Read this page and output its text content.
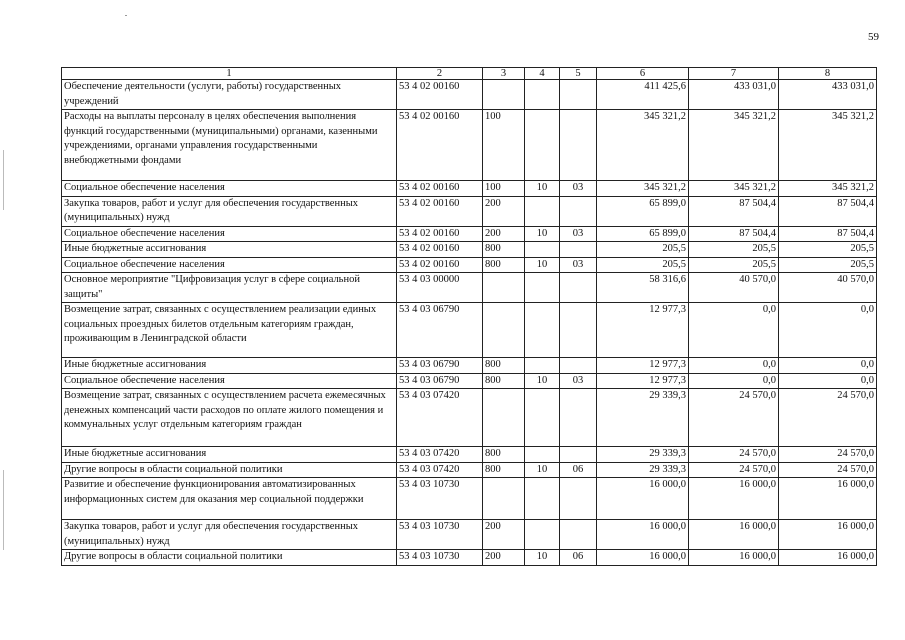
59
1	2	3	4	5	6	7	8
Обеспечение деятельности (услуги, работы) государственных учреждений	53 4 02 00160				411 425,6	433 031,0	433 031,0
Расходы на выплаты персоналу в целях обеспечения выполнения функций государственными (муниципальными) органами, казенными учреждениями, органами управления государственными внебюджетными фондами	53 4 02 00160	100			345 321,2	345 321,2	345 321,2
Социальное обеспечение населения	53 4 02 00160	100	10	03	345 321,2	345 321,2	345 321,2
Закупка товаров, работ и услуг для обеспечения государственных (муниципальных) нужд	53 4 02 00160	200			65 899,0	87 504,4	87 504,4
Социальное обеспечение населения	53 4 02 00160	200	10	03	65 899,0	87 504,4	87 504,4
Иные бюджетные ассигнования	53 4 02 00160	800			205,5	205,5	205,5
Социальное обеспечение населения	53 4 02 00160	800	10	03	205,5	205,5	205,5
Основное мероприятие "Цифровизация услуг в сфере социальной защиты"	53 4 03 00000				58 316,6	40 570,0	40 570,0
Возмещение затрат, связанных с осуществлением реализации единых социальных проездных билетов отдельным категориям граждан, проживающим в Ленинградской области	53 4 03 06790				12 977,3	0,0	0,0
Иные бюджетные ассигнования	53 4 03 06790	800			12 977,3	0,0	0,0
Социальное обеспечение населения	53 4 03 06790	800	10	03	12 977,3	0,0	0,0
Возмещение затрат, связанных с осуществлением расчета ежемесячных денежных компенсаций части расходов по оплате жилого помещения и коммунальных услуг отдельным категориям граждан	53 4 03 07420				29 339,3	24 570,0	24 570,0
Иные бюджетные ассигнования	53 4 03 07420	800			29 339,3	24 570,0	24 570,0
Другие вопросы в области социальной политики	53 4 03 07420	800	10	06	29 339,3	24 570,0	24 570,0
Развитие и обеспечение функционирования автоматизированных информационных систем для оказания мер социальной поддержки	53 4 03 10730				16 000,0	16 000,0	16 000,0
Закупка товаров, работ и услуг для обеспечения государственных (муниципальных) нужд	53 4 03 10730	200			16 000,0	16 000,0	16 000,0
Другие вопросы в области социальной политики	53 4 03 10730	200	10	06	16 000,0	16 000,0	16 000,0
